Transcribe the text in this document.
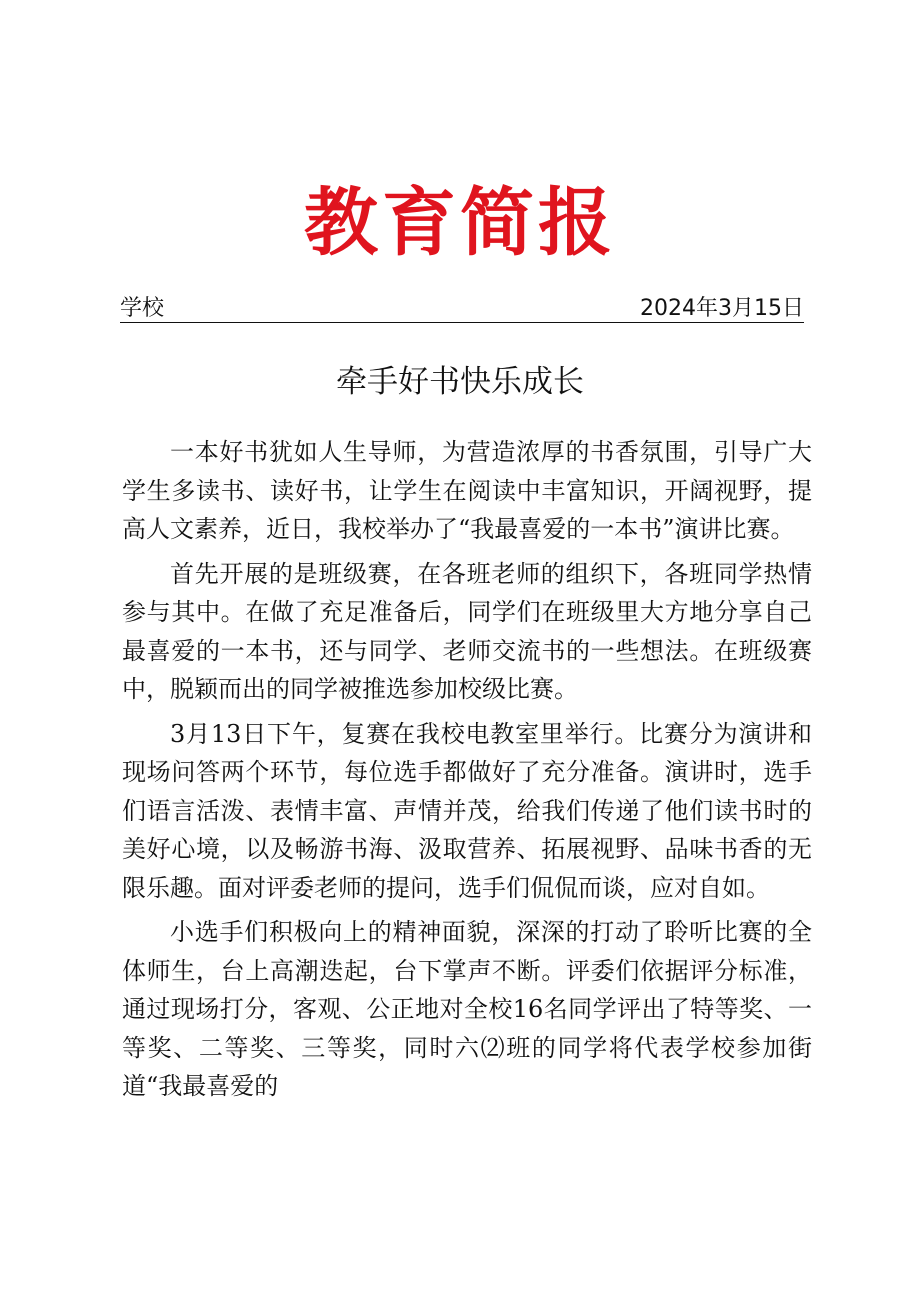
教育简报
学校	2024年3月15日
牵手好书快乐成长

一本好书犹如人生导师，为营造浓厚的书香氛围，引导广大学生多读书、读好书，让学生在阅读中丰富知识，开阔视野，提高人文素养，近日，我校举办了“我最喜爱的一本书”演讲比赛。

首先开展的是班级赛，在各班老师的组织下，各班同学热情参与其中。在做了充足准备后，同学们在班级里大方地分享自己最喜爱的一本书，还与同学、老师交流书的一些想法。在班级赛中，脱颖而出的同学被推选参加校级比赛。

3月13日下午，复赛在我校电教室里举行。比赛分为演讲和现场问答两个环节，每位选手都做好了充分准备。演讲时，选手们语言活泼、表情丰富、声情并茂，给我们传递了他们读书时的美好心境，以及畅游书海、汲取营养、拓展视野、品味书香的无限乐趣。面对评委老师的提问，选手们侃侃而谈，应对自如。

小选手们积极向上的精神面貌，深深的打动了聆听比赛的全体师生，台上高潮迭起，台下掌声不断。评委们依据评分标准，通过现场打分，客观、公正地对全校16名同学评出了特等奖、一等奖、二等奖、三等奖，同时六⑵班的同学将代表学校参加街道“我最喜爱的
